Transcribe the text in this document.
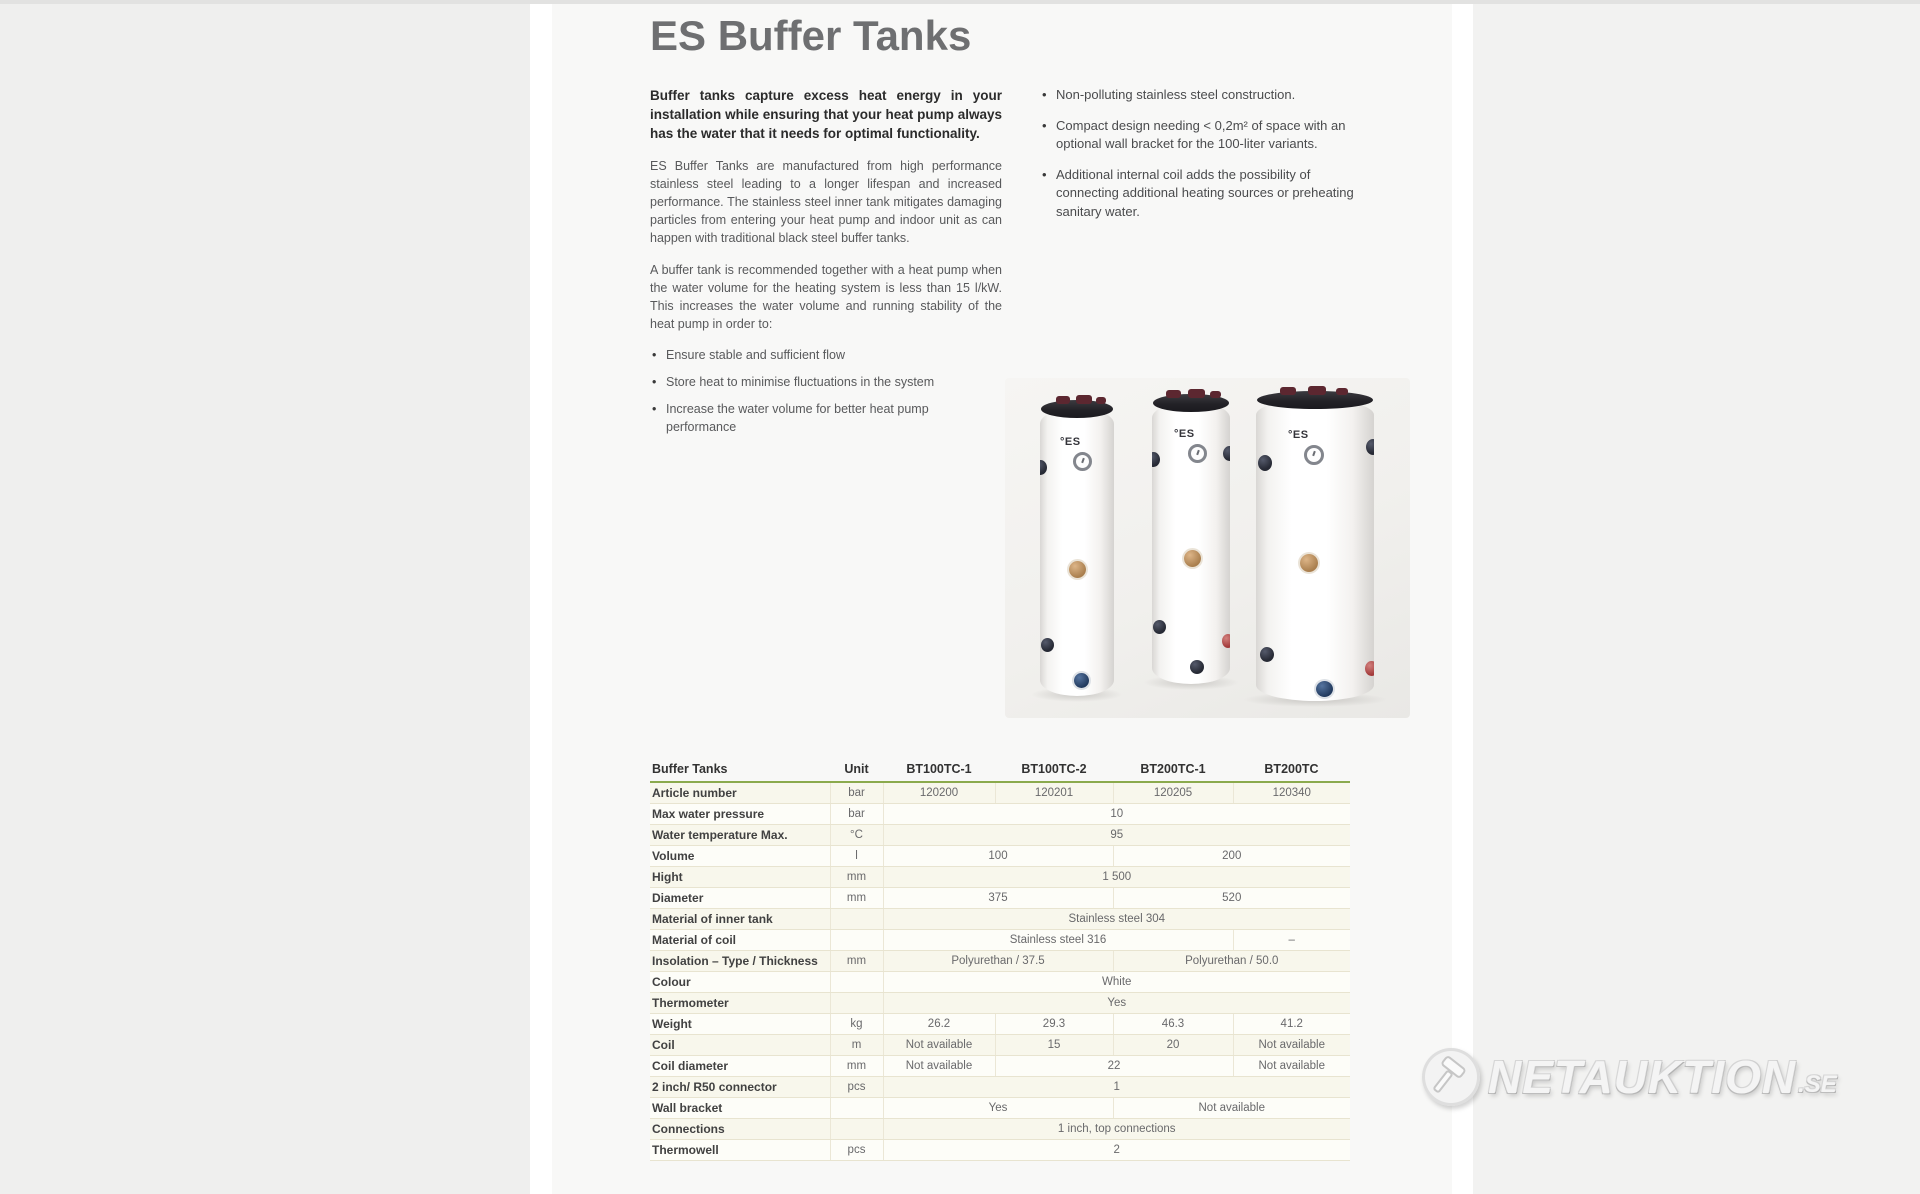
ES Buffer Tanks

Buffer tanks capture excess heat energy in your installation while ensuring that your heat pump always has the water that it needs for optimal functionality.

ES Buffer Tanks are manufactured from high performance stainless steel leading to a longer lifespan and increased performance. The stainless steel inner tank mitigates damaging particles from entering your heat pump and indoor unit as can happen with traditional black steel buffer tanks.

A buffer tank is recommended together with a heat pump when the water volume for the heating system is less than 15 l/kW. This increases the water volume and running stability of the heat pump in order to:

• Ensure stable and sufficient flow
• Store heat to minimise fluctuations in the system
• Increase the water volume for better heat pump performance
• Non-polluting stainless steel construction.
• Compact design needing < 0,2m² of space with an optional wall bracket for the 100-liter variants.
• Additional internal coil adds the possibility of connecting additional heating sources or preheating sanitary water.
°ES
°ES	°ES
Buffer Tanks	Unit	BT100TC-1	BT100TC-2	BT200TC-1	BT200TC
Article number	bar	120200	120201	120205	120340
Max water pressure	bar	10			
Water temperature Max.	°C	95			
Volume	l	100		200	
Hight	mm	1 500			
Diameter	mm	375		520	
Material of inner tank		Stainless steel 304			
Material of coil		Stainless steel 316			–
Insolation – Type / Thickness	mm	Polyurethan / 37.5		Polyurethan / 50.0	
Colour		White			
Thermometer		Yes			
Weight	kg	26.2	29.3	46.3	41.2
Coil	m	Not available	15	20	Not available
Coil diameter	mm	Not available	22		Not available
2 inch/ R50 connector	pcs	1			
Wall bracket		Yes		Not available	
Connections		1 inch, top connections			
Thermowell	pcs	2			
NETAUKTION .SE
